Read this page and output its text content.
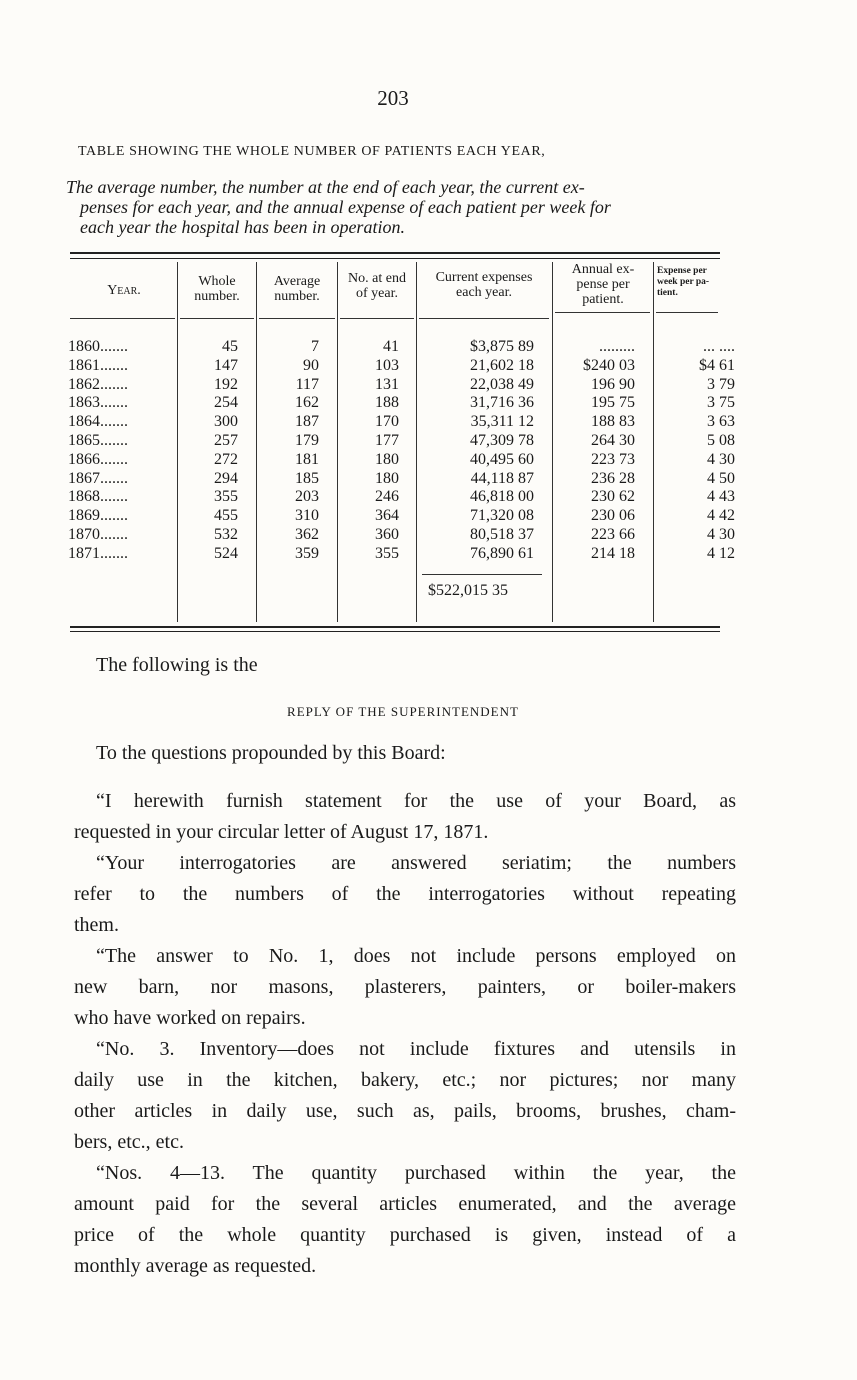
203
TABLE SHOWING THE WHOLE NUMBER OF PATIENTS EACH YEAR,
The average number, the number at the end of each year, the current ex-
penses for each year, and the annual expense of each patient per week for
each year the hospital has been in operation.
Year.
Whole
number.
Average
number.
No. at end
of year.
Current expenses
each year.
Annual ex-
pense per
patient.
Expense per
week per pa-
tient.
1860.......
1861.......
1862.......
1863.......
1864.......
1865.......
1866.......
1867.......
1868.......
1869.......
1870.......
1871.......
45
147
192
254
300
257
272
294
355
455
532
524
7
90
117
162
187
179
181
185
203
310
362
359
41
103
131
188
170
177
180
180
246
364
360
355
$3,875 89
21,602 18
22,038 49
31,716 36
35,311 12
47,309 78
40,495 60
44,118 87
46,818 00
71,320 08
80,518 37
76,890 61
.........
$240 03
196 90
195 75
188 83
264 30
223 73
236 28
230 62
230 06
223 66
214 18
... ....
$4 61
3 79
3 75
3 63
5 08
4 30
4 50
4 43
4 42
4 30
4 12
$522,015 35
The following is the
REPLY OF THE SUPERINTENDENT
To the questions propounded by this Board:

“I herewith furnish statement for the use of your Board, as

requested in your circular letter of August 17, 1871.

“Your interrogatories are answered seriatim; the numbers

refer to the numbers of the interrogatories without repeating

them.

“The answer to No. 1, does not include persons employed on

new barn, nor masons, plasterers, painters, or boiler-makers

who have worked on repairs.

“No. 3. Inventory—does not include fixtures and utensils in

daily use in the kitchen, bakery, etc.; nor pictures; nor many

other articles in daily use, such as, pails, brooms, brushes, cham-

bers, etc., etc.

“Nos. 4—13. The quantity purchased within the year, the

amount paid for the several articles enumerated, and the average

price of the whole quantity purchased is given, instead of a

monthly average as requested.
